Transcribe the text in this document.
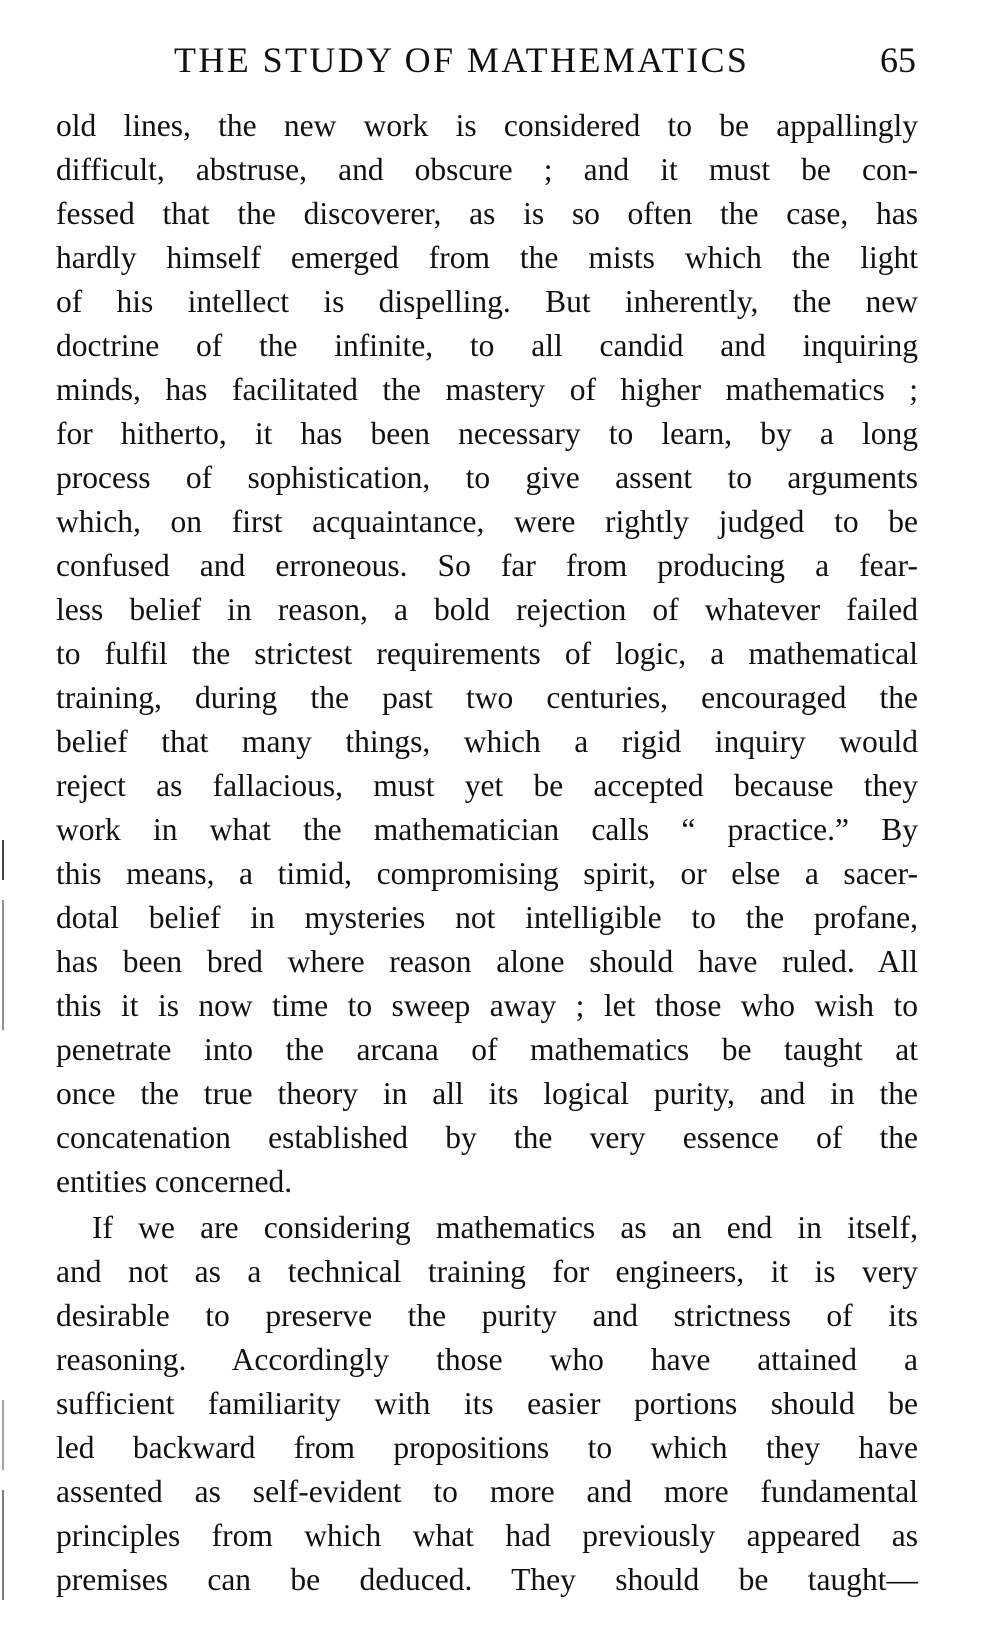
THE STUDY OF MATHEMATICS	65
old lines, the new work is considered to be appallingly
difficult, abstruse, and obscure ; and it must be con-
fessed that the discoverer, as is so often the case, has
hardly himself emerged from the mists which the light
of his intellect is dispelling. But inherently, the new
doctrine of the infinite, to all candid and inquiring
minds, has facilitated the mastery of higher mathematics ;
for hitherto, it has been necessary to learn, by a long
process of sophistication, to give assent to arguments
which, on first acquaintance, were rightly judged to be
confused and erroneous. So far from producing a fear-
less belief in reason, a bold rejection of whatever failed
to fulfil the strictest requirements of logic, a mathematical
training, during the past two centuries, encouraged the
belief that many things, which a rigid inquiry would
reject as fallacious, must yet be accepted because they
work in what the mathematician calls “ practice.” By
this means, a timid, compromising spirit, or else a sacer-
dotal belief in mysteries not intelligible to the profane,
has been bred where reason alone should have ruled. All
this it is now time to sweep away ; let those who wish to
penetrate into the arcana of mathematics be taught at
once the true theory in all its logical purity, and in the
concatenation established by the very essence of the
entities concerned.
If we are considering mathematics as an end in itself,
and not as a technical training for engineers, it is very
desirable to preserve the purity and strictness of its
reasoning. Accordingly those who have attained a
sufficient familiarity with its easier portions should be
led backward from propositions to which they have
assented as self-evident to more and more fundamental
principles from which what had previously appeared as
premises can be deduced. They should be taught—
